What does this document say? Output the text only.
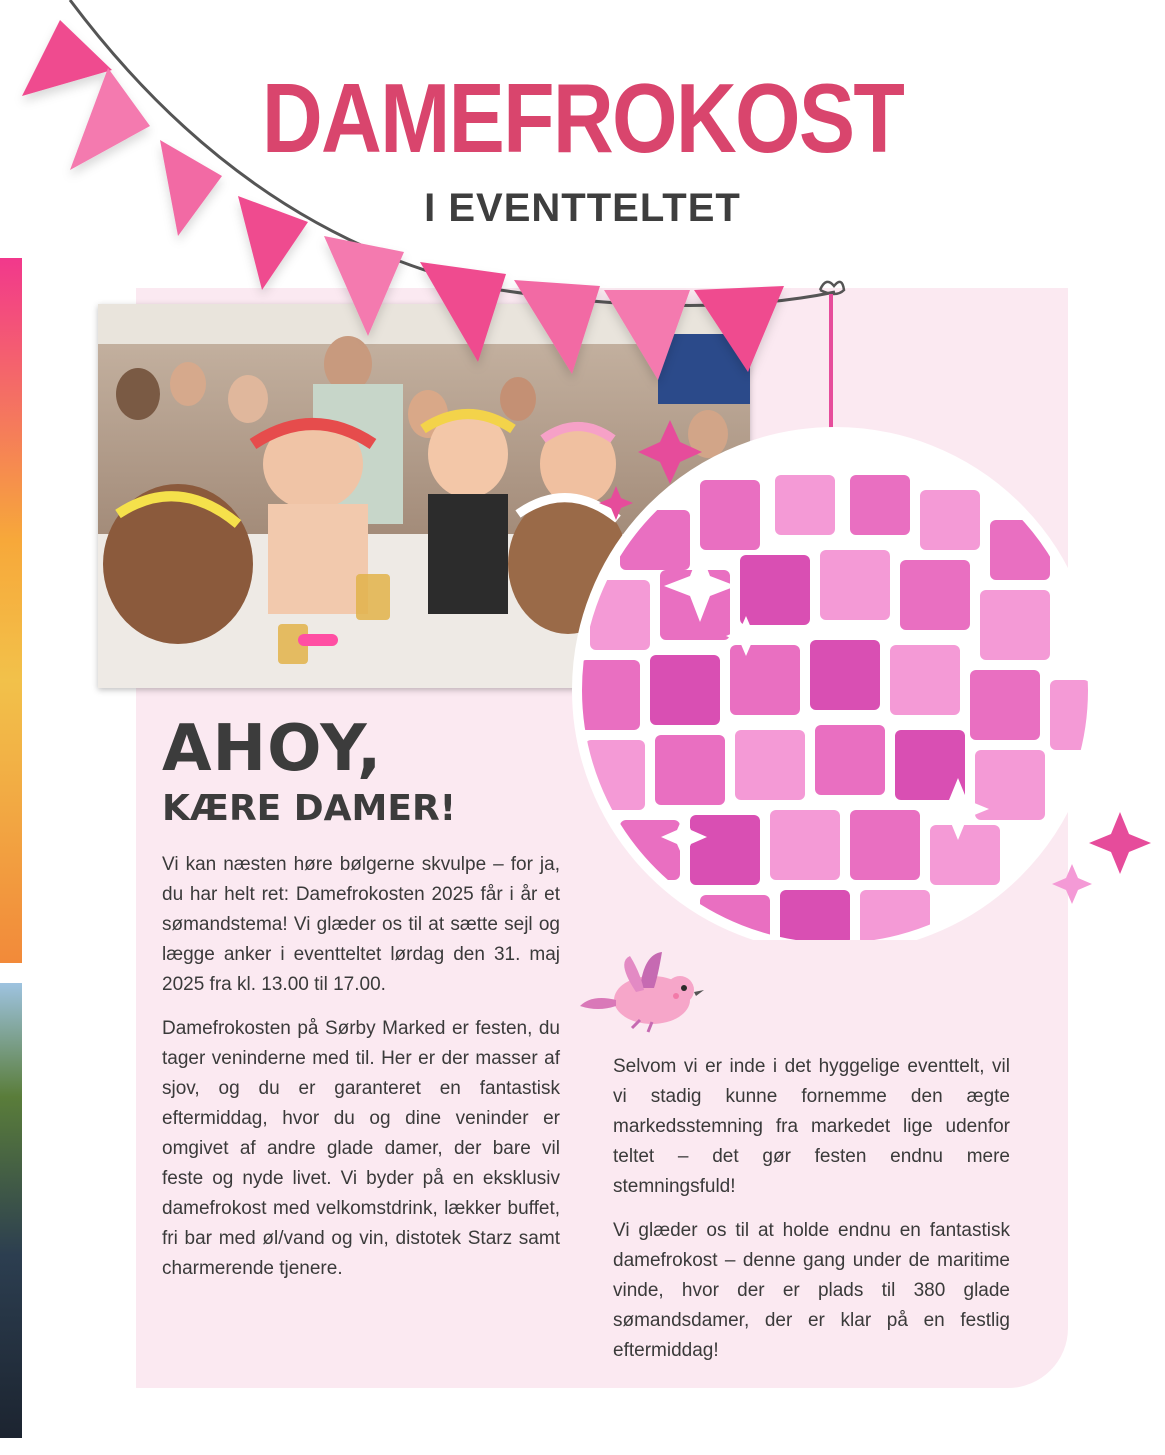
DAMEFROKOST
I EVENTTELTET
AHOY,
KÆRE DAMER!

Vi kan næsten høre bølgerne skvulpe – for ja, du har helt ret: Damefrokosten 2025 får i år et sømandstema! Vi glæder os til at sætte sejl og lægge anker i eventteltet lørdag den 31. maj 2025 fra kl. 13.00 til 17.00.

Damefrokosten på Sørby Marked er festen, du tager veninderne med til. Her er der masser af sjov, og du er garanteret en fantastisk eftermiddag, hvor du og dine veninder er omgivet af andre glade damer, der bare vil feste og nyde livet. Vi byder på en eksklusiv damefrokost med velkomstdrink, lækker buffet, fri bar med øl/vand og vin, distotek Starz samt charmerende tjenere.

Selvom vi er inde i det hyggelige eventtelt, vil vi stadig kunne fornemme den ægte markedsstemning fra markedet lige udenfor teltet – det gør festen endnu mere stemningsfuld!

Vi glæder os til at holde endnu en fantastisk damefrokost – denne gang under de maritime vinde, hvor der er plads til 380 glade sømandsdamer, der er klar på en festlig eftermiddag!
